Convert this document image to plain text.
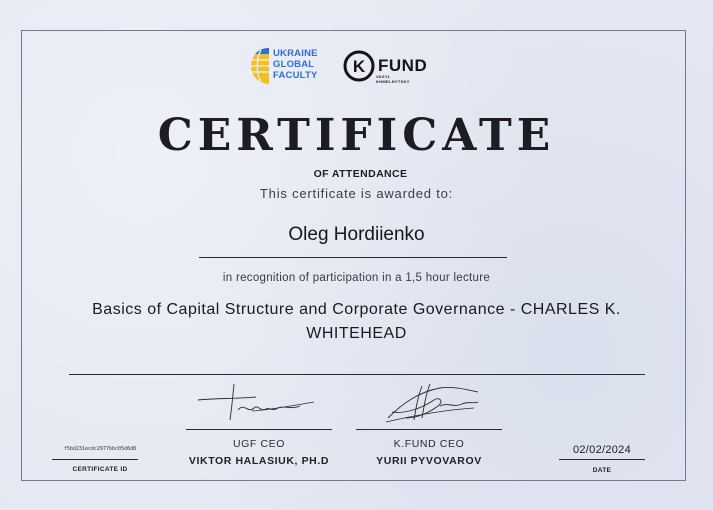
UKRAINE
GLOBAL
FACULTY K FUND
VASYL
KHMELNYTSKY
CERTIFICATE
OF ATTENDANCE
This certificate is awarded to:
Oleg Hordiienko
in recognition of participation in a 1,5 hour lecture
Basics of Capital Structure and Corporate Governance - CHARLES K.
WHITEHEAD
UGF CEO
VIKTOR HALASIUK, PH.D
K.FUND CEO
YURII PYVOVAROV
f5bd231ecdc2977bbc05d6d8
CERTIFICATE ID
02/02/2024
DATE
